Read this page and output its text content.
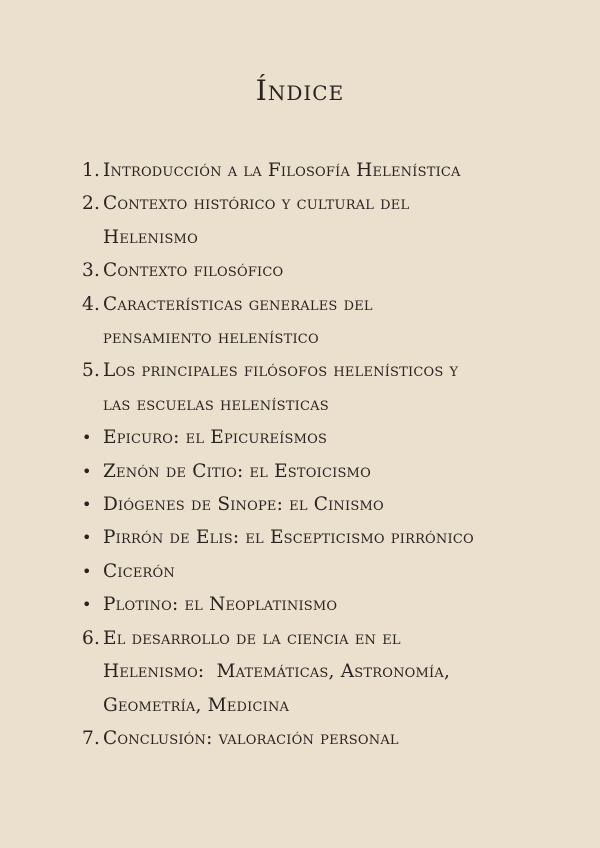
Índice
1. Introducción a la Filosofía Helenística
2. Contexto histórico y cultural del
Helenismo
3. Contexto filosófico
4. Características generales del
pensamiento helenístico
5. Los principales filósofos helenísticos y
las escuelas helenísticas
• Epicuro: el Epicureísmos
• Zenón de Citio: el Estoicismo
• Diógenes de Sinope: el Cinismo
• Pirrón de Elis: el Escepticismo pirrónico
• Cicerón
• Plotino: el Neoplatinismo
6. El desarrollo de la ciencia en el
Helenismo:  Matemáticas, Astronomía,
Geometría, Medicina
7. Conclusión: valoración personal
